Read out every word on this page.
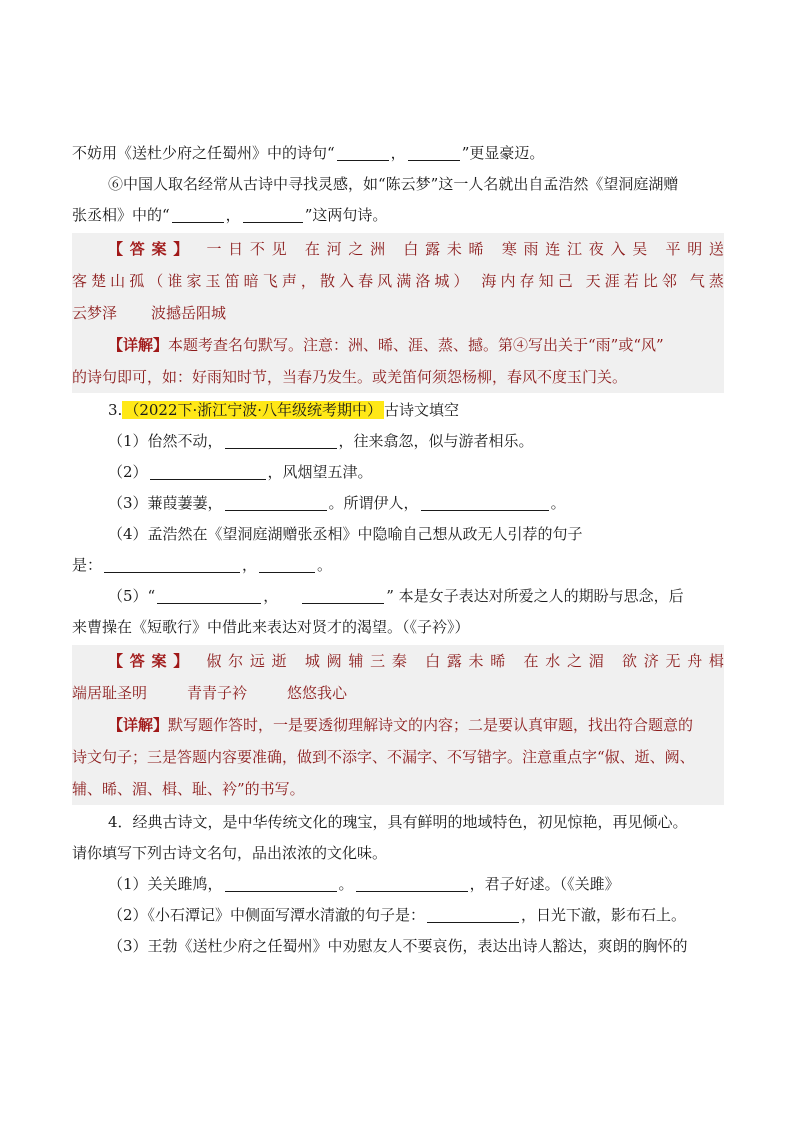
不妨用《送杜少府之任蜀州》中的诗句“	，	”更显豪迈。
⑥中国人取名经常从古诗中寻找灵感，如“陈云梦”这一人名就出自孟浩然《望洞庭湖赠
张丞相》中的“	，	”这两句诗。
【答案】 一日不见 在河之洲 白露未晞 寒雨连江夜入吴 平明送
客楚山孤（谁家玉笛暗飞声，散入春风满洛城） 海内存知己 天涯若比邻 气蒸
云梦泽 波撼岳阳城
【详解】本题考查名句默写。注意：洲、晞、涯、蒸、撼。第④写出关于“雨”或“风”
的诗句即可，如：好雨知时节，当春乃发生。或羌笛何须怨杨柳，春风不度玉门关。
3. （2022下·浙江宁波·八年级统考期中） 古诗文填空
（1）佁然不动，	，往来翕忽，似与游者相乐。
（2）	，风烟望五津。
（3）蒹葭萋萋，	。所谓伊人，	。
（4）孟浩然在《望洞庭湖赠张丞相》中隐喻自己想从政无人引荐的句子
是：	，	。
（5）“	，	” 本是女子表达对所爱之人的期盼与思念，后
来曹操在《短歌行》中借此来表达对贤才的渴望。（《子衿》）
【答案】 俶尔远逝 城阙辅三秦 白露未晞 在水之湄 欲济无舟楫
端居耻圣明	青青子衿	悠悠我心
【详解】默写题作答时，一是要透彻理解诗文的内容；二是要认真审题，找出符合题意的
诗文句子；三是答题内容要准确，做到不添字、不漏字、不写错字。注意重点字“俶、逝、阙、
辅、晞、湄、楫、耻、衿”的书写。
4．经典古诗文，是中华传统文化的瑰宝，具有鲜明的地域特色，初见惊艳，再见倾心。
请你填写下列古诗文名句，品出浓浓的文化味。
（1）关关雎鸠，	。	，君子好逑。（《关雎》
（2）《小石潭记》中侧面写潭水清澈的句子是：	，日光下澈，影布石上。
（3）王勃《送杜少府之任蜀州》中劝慰友人不要哀伤，表达出诗人豁达，爽朗的胸怀的
